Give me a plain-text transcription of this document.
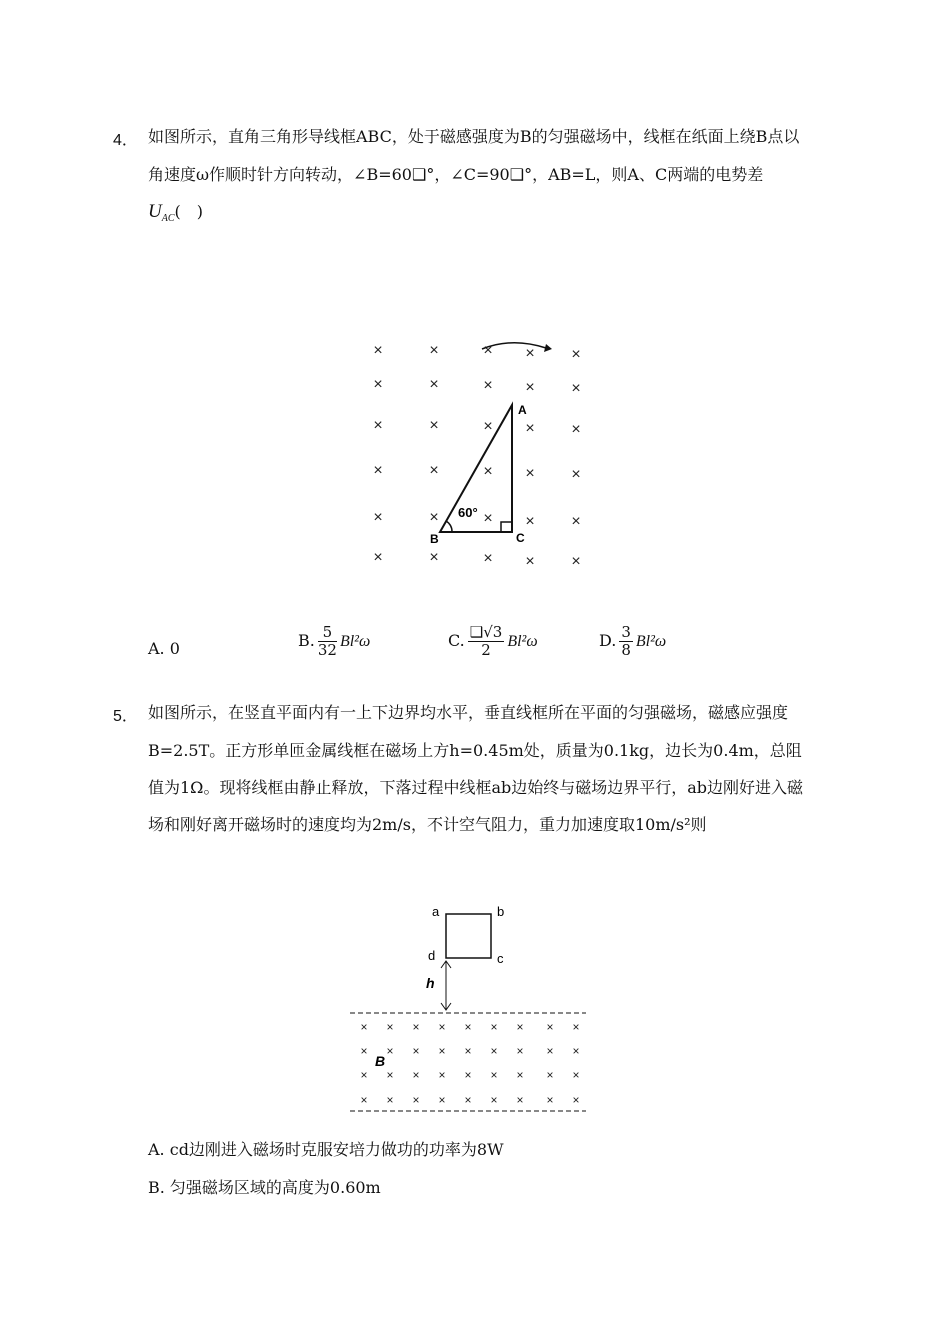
4． 如图所示，直角三角形导线框ABC，处于磁感强度为B的匀强磁场中，线框在纸面上绕B点以
角速度ω作顺时针方向转动，∠B=60❑°，∠C=90❑°，AB=L，则A、C两端的电势差
$U_{AC}$(　)
×	×	× × ×
×	×	× × ×
×	×	× × ×
×	×	× × ×
×	×	× × ×
×	×	× × ×
A
B	C
60°
A. 0	B. $\frac{5}{32} Bl^2\omega$	C. $\frac{❑√3}{2} Bl^2\omega$	D. $\frac{3}{8} Bl^2\omega$
5． 如图所示，在竖直平面内有一上下边界均水平，垂直线框所在平面的匀强磁场，磁感应强度
B=2.5T。正方形单匝金属线框在磁场上方h=0.45m处，质量为0.1kg，边长为0.4m，总阻
值为1Ω。现将线框由静止释放，下落过程中线框ab边始终与磁场边界平行，ab边刚好进入磁
场和刚好离开磁场时的速度均为2m/s，不计空气阻力，重力加速度取10m/s²则
a	b
c
d
h
× × × × × × × × ×
× × × × × × × × ×
× × × × × × × × ×
× × × × × × × × ×
B
A. cd边刚进入磁场时克服安培力做功的功率为8W
B. 匀强磁场区域的高度为0.60m
